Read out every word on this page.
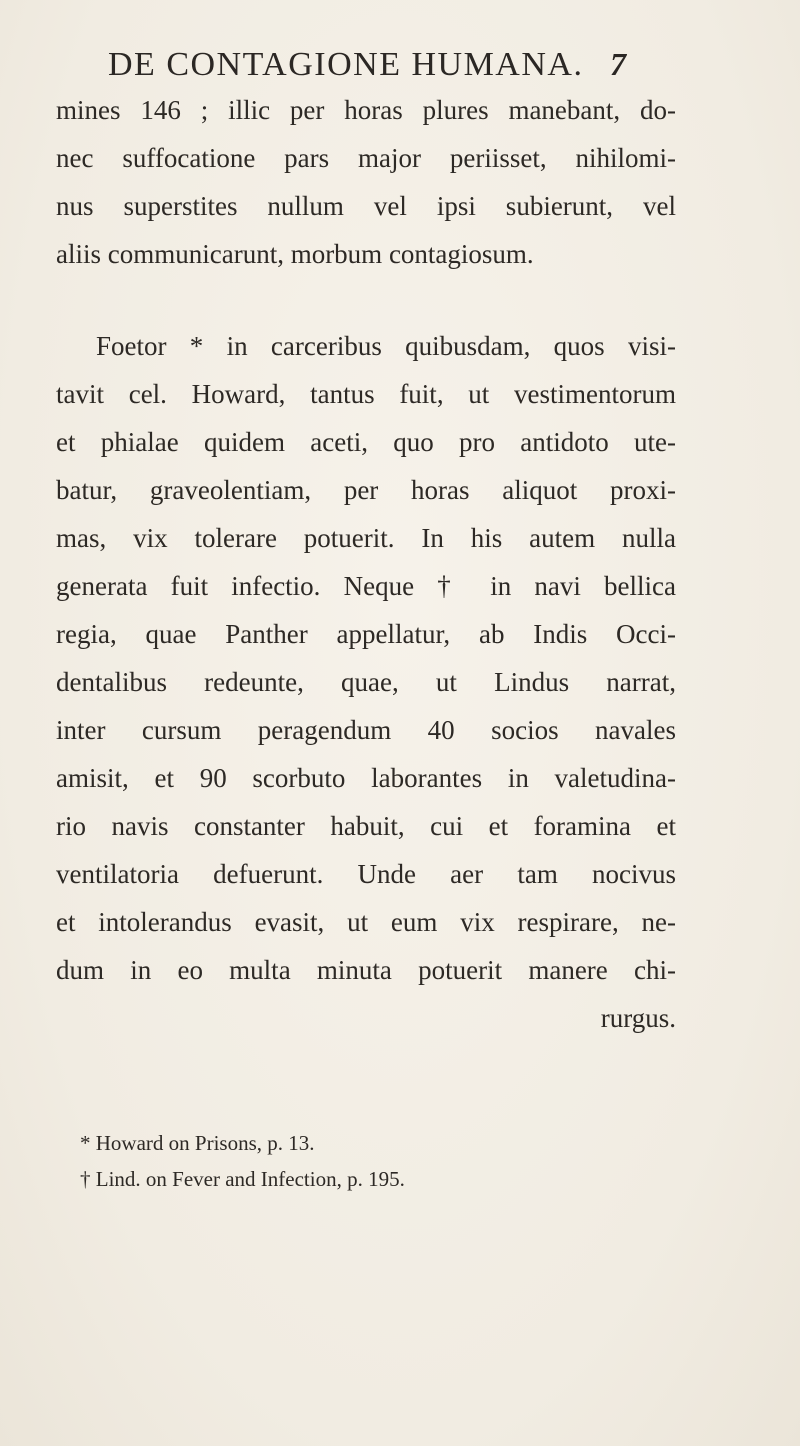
DE CONTAGIONE HUMANA. 7
mines 146 ; illic per horas plures manebant, do-
nec suffocatione pars major periisset, nihilomi-
nus superstites nullum vel ipsi subierunt, vel
aliis communicarunt, morbum contagiosum.
Foetor * in carceribus quibusdam, quos visi-
tavit cel. Howard, tantus fuit, ut vestimentorum
et phialae quidem aceti, quo pro antidoto ute-
batur, graveolentiam, per horas aliquot proxi-
mas, vix tolerare potuerit. In his autem nulla
generata fuit infectio. Neque † in navi bellica
regia, quae Panther appellatur, ab Indis Occi-
dentalibus redeunte, quae, ut Lindus narrat,
inter cursum peragendum 40 socios navales
amisit, et 90 scorbuto laborantes in valetudina-
rio navis constanter habuit, cui et foramina et
ventilatoria defuerunt. Unde aer tam nocivus
et intolerandus evasit, ut eum vix respirare, ne-
dum in eo multa minuta potuerit manere chi-
rurgus.
* Howard on Prisons, p. 13.
† Lind. on Fever and Infection, p. 195.
